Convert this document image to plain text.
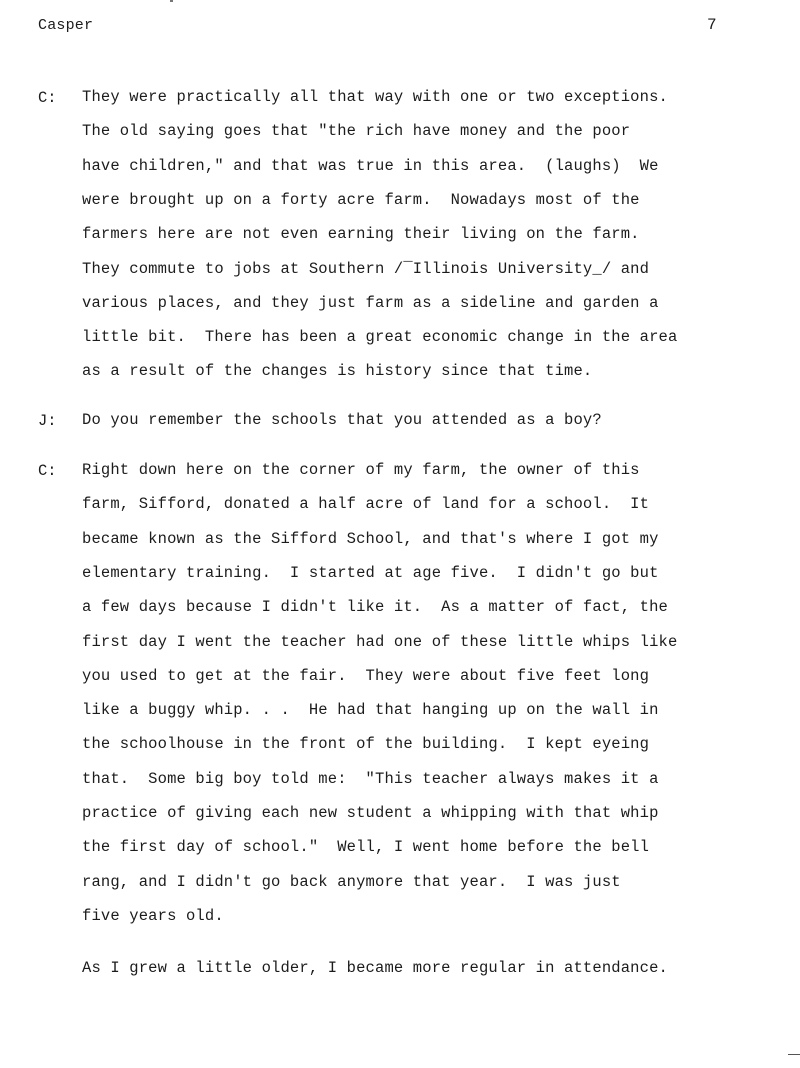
Casper	7
C:	They were practically all that way with one or two exceptions.
The old saying goes that "the rich have money and the poor
have children," and that was true in this area.  (laughs)  We
were brought up on a forty acre farm.  Nowadays most of the
farmers here are not even earning their living on the farm.
They commute to jobs at Southern /‾Illinois University_/ and
various places, and they just farm as a sideline and garden a
little bit.  There has been a great economic change in the area
as a result of the changes is history since that time.
J:	Do you remember the schools that you attended as a boy?
C:	Right down here on the corner of my farm, the owner of this
farm, Sifford, donated a half acre of land for a school.  It
became known as the Sifford School, and that's where I got my
elementary training.  I started at age five.  I didn't go but
a few days because I didn't like it.  As a matter of fact, the
first day I went the teacher had one of these little whips like
you used to get at the fair.  They were about five feet long
like a buggy whip. . .  He had that hanging up on the wall in
the schoolhouse in the front of the building.  I kept eyeing
that.  Some big boy told me:  "This teacher always makes it a
practice of giving each new student a whipping with that whip
the first day of school."  Well, I went home before the bell
rang, and I didn't go back anymore that year.  I was just
five years old.
As I grew a little older, I became more regular in attendance.
